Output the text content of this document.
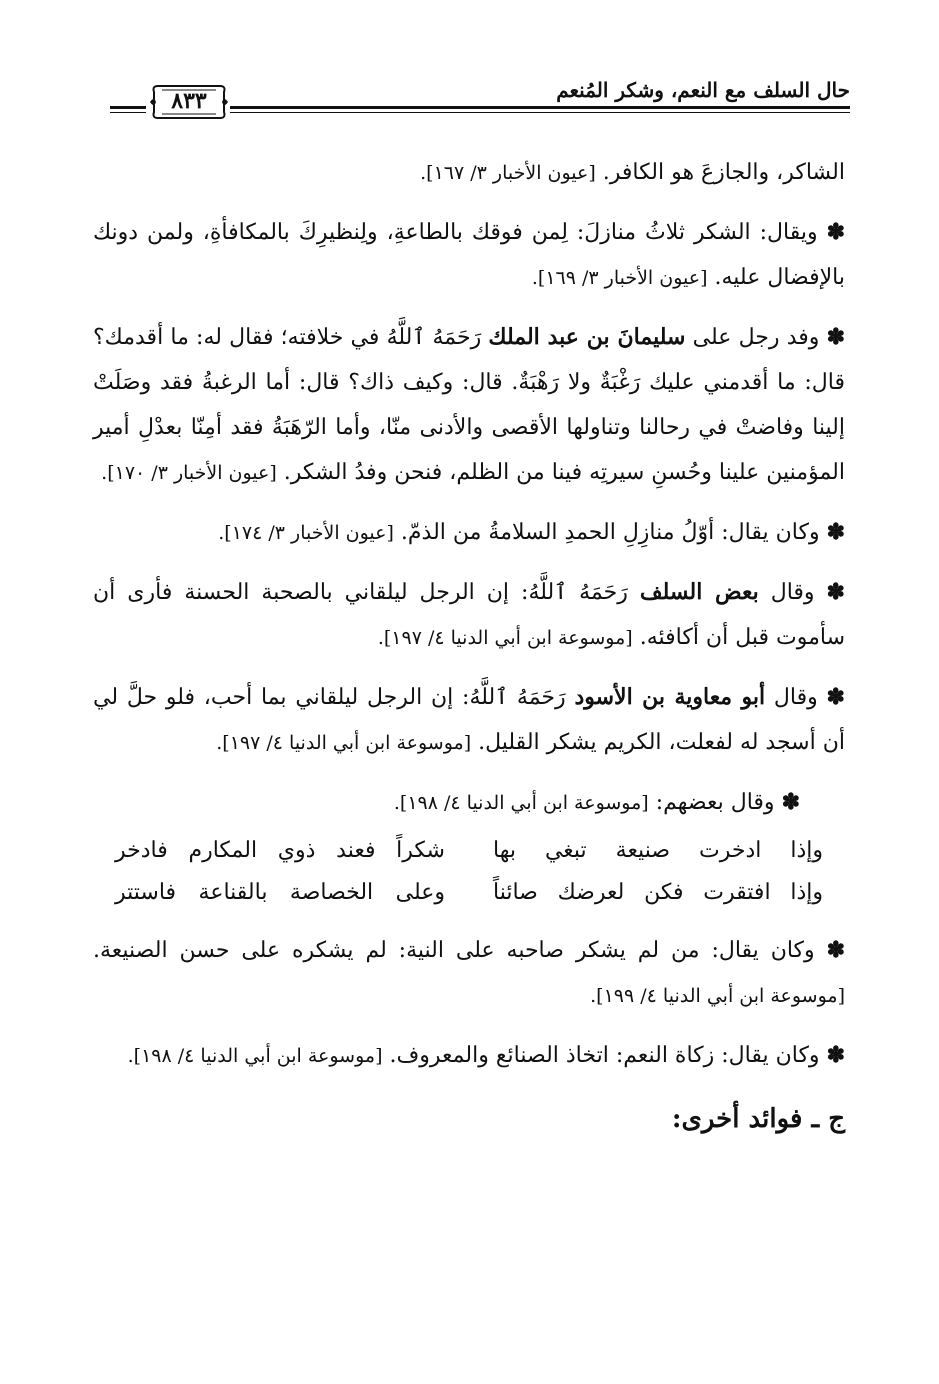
حال السلف مع النعم، وشكر المُنعم
٨٣٣

الشاكر، والجازعَ هو الكافر. [عيون الأخبار ٣/ ١٦٧].

✽ ويقال: الشكر ثلاثُ منازلَ: لِمن فوقك بالطاعةِ، ولِنظيرِكَ بالمكافأةِ، ولمن دونك بالإفضال عليه. [عيون الأخبار ٣/ ١٦٩].

✽ وفد رجل على سليمانَ بن عبد الملك رَحَمَهُ ٱللَّهُ في خلافته؛ فقال له: ما أقدمك؟ قال: ما أقدمني عليك رَغْبَةٌ ولا رَهْبَةٌ. قال: وكيف ذاك؟ قال: أما الرغبةُ فقد وصَلَتْ إلينا وفاضتْ في رحالنا وتناولها الأقصى والأدنى منّا، وأما الرّهَبَةُ فقد أمِنّا بعدْلِ أمير المؤمنين علينا وحُسنِ سيرتِه فينا من الظلم، فنحن وفدُ الشكر. [عيون الأخبار ٣/ ١٧٠].

✽ وكان يقال: أوّلُ منازِلِ الحمدِ السلامةُ من الذمّ. [عيون الأخبار ٣/ ١٧٤].

✽ وقال بعض السلف رَحَمَهُ ٱللَّهُ: إن الرجل ليلقاني بالصحبة الحسنة فأرى أن سأموت قبل أن أكافئه. [موسوعة ابن أبي الدنيا ٤/ ١٩٧].

✽ وقال أبو معاوية بن الأسود رَحَمَهُ ٱللَّهُ: إن الرجل ليلقاني بما أحب، فلو حلَّ لي أن أسجد له لفعلت، الكريم يشكر القليل. [موسوعة ابن أبي الدنيا ٤/ ١٩٧].

✽ وقال بعضهم: [موسوعة ابن أبي الدنيا ٤/ ١٩٨].

وإذا ادخرت صنيعة تبغي بها
شكراً فعند ذوي المكارم فادخر
وإذا افتقرت فكن لعرضك صائناً
وعلى الخصاصة بالقناعة فاستتر

✽ وكان يقال: من لم يشكر صاحبه على النية: لم يشكره على حسن الصنيعة. [موسوعة ابن أبي الدنيا ٤/ ١٩٩].

✽ وكان يقال: زكاة النعم: اتخاذ الصنائع والمعروف. [موسوعة ابن أبي الدنيا ٤/ ١٩٨].

ج ـ فوائد أخرى:
